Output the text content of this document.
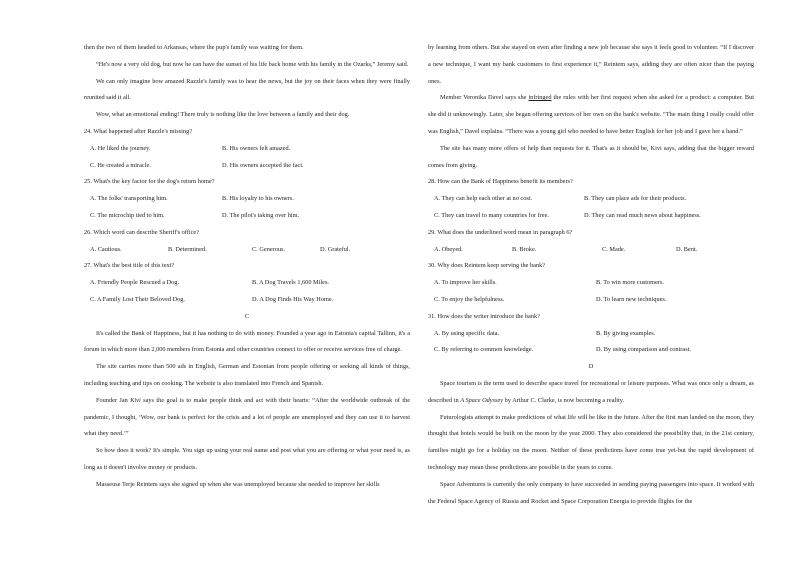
then the two of them headed to Arkansas, where the pup's family was waiting for them.

“He's now a very old dog, but now he can have the sunset of his life back home with his family in the Ozarks,” Jeremy said.

We can only imagine how amazed Razzle's family was to hear the news, but the joy on their faces when they were finally reunited said it all.

Wow, what an emotional ending! There truly is nothing like the love between a family and their dog.

24. What happened after Razzle's missing?

A. He liked the journey.	B. His owners felt amazed.
C. He created a miracle.	D. His owners accepted the fact.

25. What's the key factor for the dog's return home?

A. The folks' transporting him.	B. His loyalty to his owners.
C. The microchip tied to him.	D. The pilot's taking over him.

26. Which word can describe Sheriff's office?

A. Cautious.	B. Determined.	C. Generous.	D. Grateful.

27. What's the best title of this text?

A. Friendly People Rescued a Dog.	B. A Dog Travels 1,600 Miles.
C. A Family Lost Their Beloved Dog.	D. A Dog Finds His Way Home.

C

It's called the Bank of Happiness, but it has nothing to do with money. Founded a year ago in Estonia's capital Tallinn, it's a forum in which more than 2,000 members from Estonia and other countries connect to offer or receive services free of charge.

The site carries more than 500 ads in English, German and Estonian from people offering or seeking all kinds of things, including teaching and tips on cooking. The website is also translated into French and Spanish.

Founder Jan Kivi says the goal is to make people think and act with their hearts: “After the worldwide outbreak of the pandemic, I thought, ‘Wow, our bank is perfect for the crisis and a lot of people are unemployed and they can use it to harvest what they need.’”

So how does it work? It's simple. You sign up using your real name and post what you are offering or what your need is, as long as it doesn't involve money or products.

Masseuse Terje Reintem says she signed up when she was unemployed because she needed to improve her skills

by learning from others. But she stayed on even after finding a new job because she says it feels good to volunteer. “If I discover a new technique, I want my bank customers to first experience it,” Reintem says, adding they are often nicer than the paying ones.

Member Veronika Davel says she infringed the rules with her first request when she asked for a product: a computer. But she did it unknowingly. Later, she began offering services of her own on the bank's website. “The main thing I really could offer was English,” Davel explains. “There was a young girl who needed to have better English for her job and I gave her a hand.”

The site has many more offers of help than requests for it. That's as it should be, Kivi says, adding that the bigger reward comes from giving.

28. How can the Bank of Happiness benefit its members?

A. They can help each other at no cost.	B. They can place ads for their products.
C. They can travel to many countries for free.	D. They can read much news about happiness.

29. What does the underlined word mean in paragraph 6?

A. Obeyed.	B. Broke.	C. Made.	D. Bent.

30. Why does Reintem keep serving the bank?

A. To improve her skills.	B. To win more customers.
C. To enjoy the helpfulness.	D. To learn new techniques.

31. How does the writer introduce the bank?

A. By using specific data.	B. By giving examples.
C. By referring to common knowledge.	D. By using comparison and contrast.

D

Space tourism is the term used to describe space travel for recreational or leisure purposes. What was once only a dream, as described in A Space Odyssey by Arthur C. Clarke, is now becoming a reality.

Futurologists attempt to make predictions of what life will be like in the future. After the first man landed on the moon, they thought that hotels would be built on the moon by the year 2000. They also considered the possibility that, in the 21st century, families might go for a holiday on the moon. Neither of these predictions have come true yet-but the rapid development of technology may mean these predictions are possible in the years to come.

Space Adventures is currently the only company to have succeeded in sending paying passengers into space. It worked with the Federal Space Agency of Russia and Rocket and Space Corporation Energia to provide flights for the
